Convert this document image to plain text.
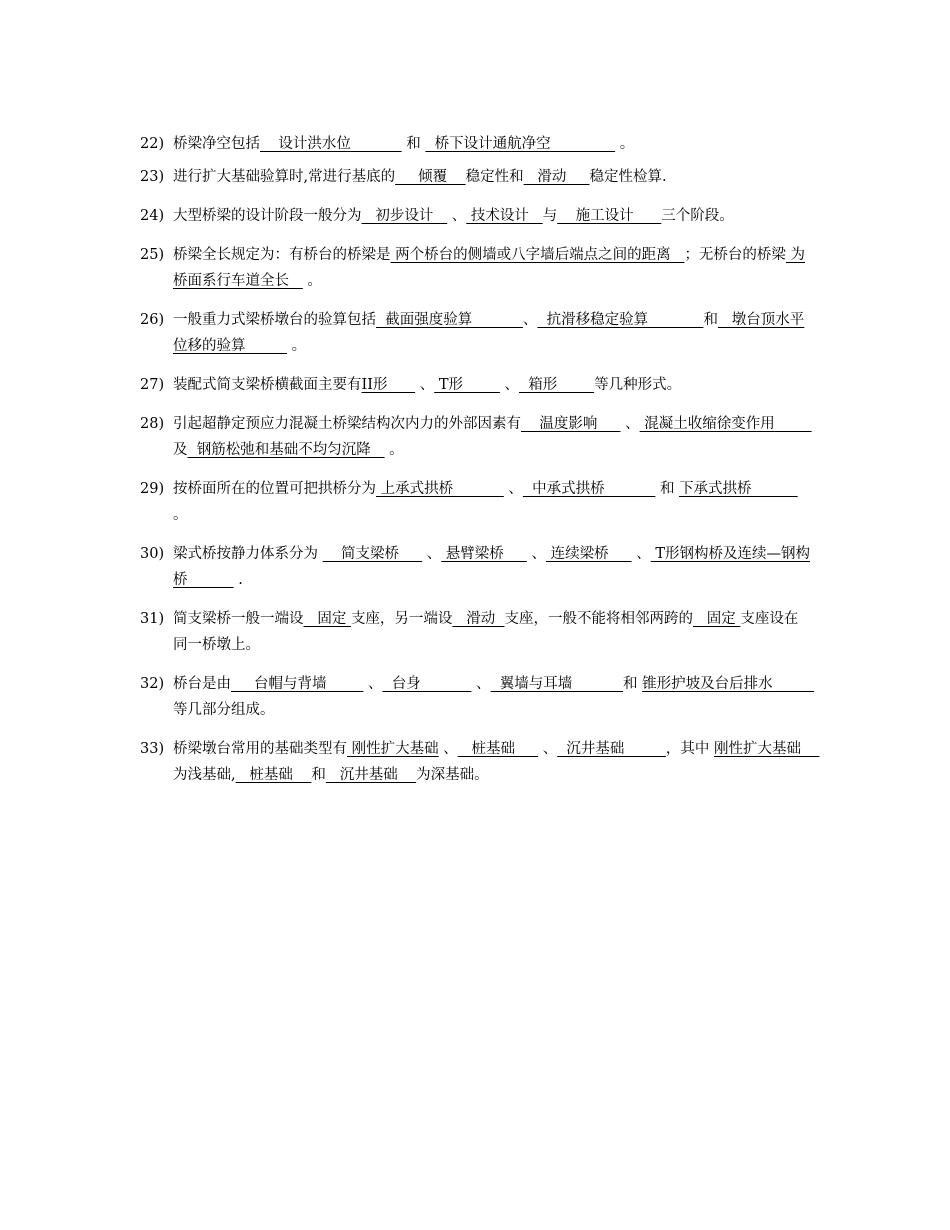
22) 桥梁净空包括    设计洪水位            和   桥下设计通航净空               。
23) 进行扩大基础验算时,常进行基底的     倾覆    稳定性和   滑动     稳定性检算.
24) 大型桥梁的设计阶段一般分为   初步设计    、 技术设计   与    施工设计      三个阶段。
25) 桥梁全长规定为：有桥台的桥梁是 两个桥台的侧墙或八字墙后端点之间的距离   ；无桥台的桥梁 为桥面系行车道全长    。
26) 一般重力式梁桥墩台的验算包括  截面强度验算           、  抗滑移稳定验算            和   墩台顶水平位移的验算          。
27) 装配式简支梁桥横截面主要有II形       、 T形         、  箱形        等几种形式。
28) 引起超静定预应力混凝土桥梁结构次内力的外部因素有    温度影响      、 混凝土收缩徐变作用        及  钢筋松弛和基础不均匀沉降    。
29) 按桥面所在的位置可把拱桥分为 上承式拱桥            、  中承式拱桥            和 下承式拱桥           。
30) 梁式桥按静力体系分为     简支梁桥      、 悬臂梁桥      、 连续梁桥      、 T形钢构桥及连续—钢构桥           .
31) 简支梁桥一般一端设   固定 支座，另一端设   滑动  支座，一般不能将相邻两跨的   固定 支座设在同一桥墩上。
32) 桥台是由     台帽与背墙         、  台身            、  翼墙与耳墙           和 锥形护坡及台后排水         等几部分组成。
33) 桥梁墩台常用的基础类型有 刚性扩大基础 、   桩基础      、  沉井基础         ，其中 刚性扩大基础    为浅基础,   桩基础    和   沉井基础    为深基础。
